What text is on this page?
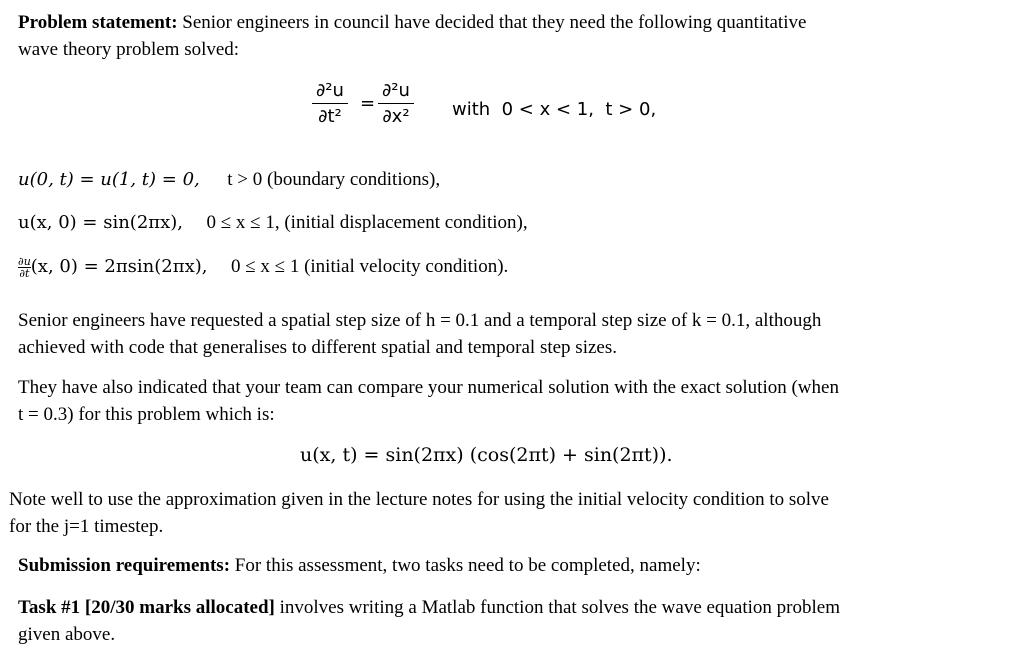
Problem statement: Senior engineers in council have decided that they need the following quantitative
wave theory problem solved:
∂²u
∂t²
=
∂²u
∂x² with  0 < x < 1,  t > 0,
u(0, t) = u(1, t) = 0, t > 0 (boundary conditions),
u(x, 0) = sin(2πx), 0 ≤ x ≤ 1, (initial displacement condition),
$\frac{\partial u}{\partial t}(x$, 0) = 2πsin(2πx), 0 ≤ x ≤ 1 (initial velocity condition).
Senior engineers have requested a spatial step size of h = 0.1 and a temporal step size of k = 0.1, although
achieved with code that generalises to different spatial and temporal step sizes.
They have also indicated that your team can compare your numerical solution with the exact solution (when
t = 0.3) for this problem which is:
u(x, t) = sin(2πx) (cos(2πt) + sin(2πt)).
Note well to use the approximation given in the lecture notes for using the initial velocity condition to solve
for the j=1 timestep.
Submission requirements: For this assessment, two tasks need to be completed, namely:
Task #1 [20/30 marks allocated] involves writing a Matlab function that solves the wave equation problem
given above.
